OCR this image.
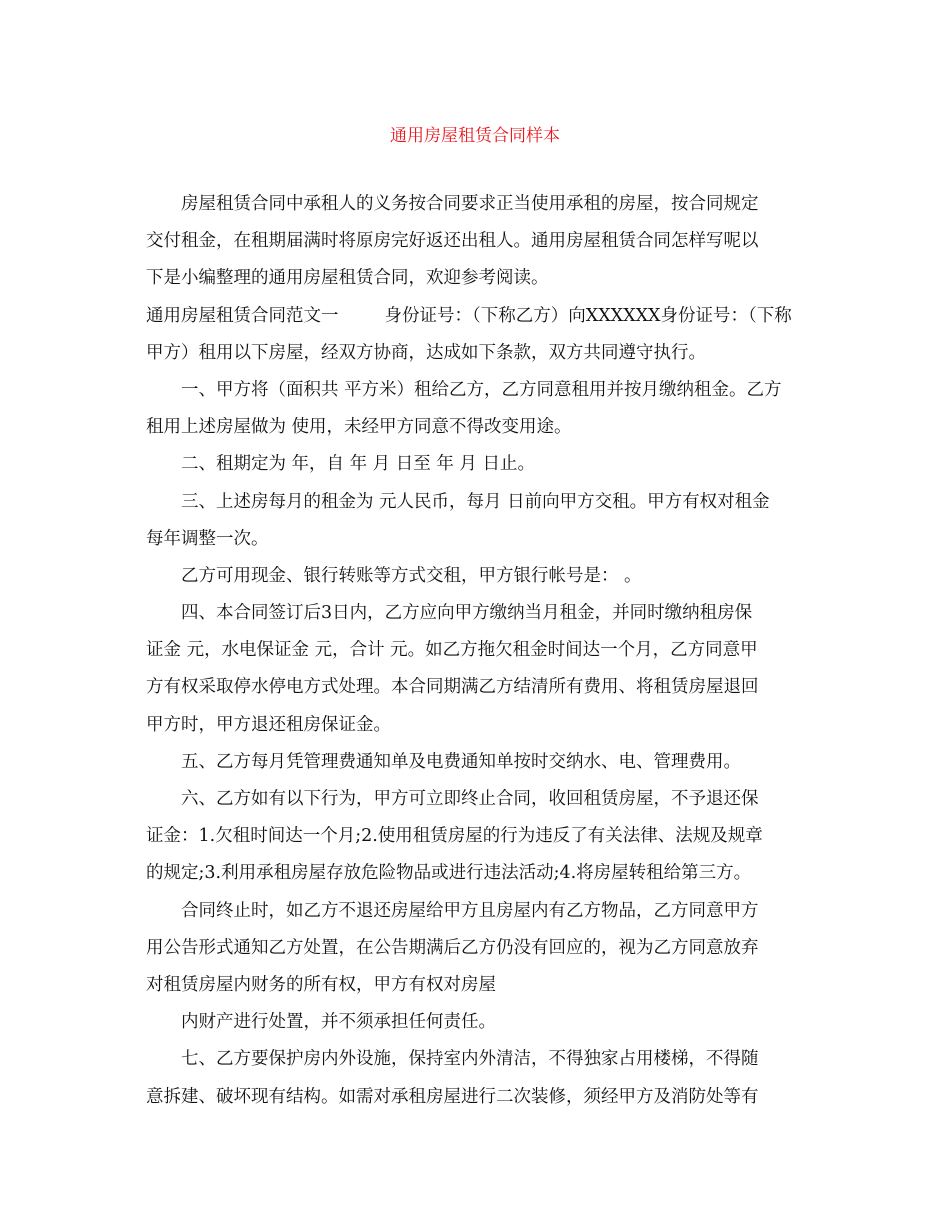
通用房屋租赁合同样本
房屋租赁合同中承租人的义务按合同要求正当使用承租的房屋，按合同规定
交付租金，在租期届满时将原房完好返还出租人。通用房屋租赁合同怎样写呢以
下是小编整理的通用房屋租赁合同，欢迎参考阅读。
通用房屋租赁合同范文一	身份证号：（下称乙方）向XXXXXX身份证号：（下称
甲方）租用以下房屋，经双方协商，达成如下条款，双方共同遵守执行。
一、甲方将（面积共 平方米）租给乙方，乙方同意租用并按月缴纳租金。乙方
租用上述房屋做为 使用，未经甲方同意不得改变用途。
二、租期定为 年，自 年 月 日至 年 月 日止。
三、上述房每月的租金为 元人民币，每月 日前向甲方交租。甲方有权对租金
每年调整一次。
乙方可用现金、银行转账等方式交租，甲方银行帐号是： 。
四、本合同签订后3日内，乙方应向甲方缴纳当月租金，并同时缴纳租房保
证金 元，水电保证金 元，合计 元。如乙方拖欠租金时间达一个月，乙方同意甲
方有权采取停水停电方式处理。本合同期满乙方结清所有费用、将租赁房屋退回
甲方时，甲方退还租房保证金。
五、乙方每月凭管理费通知单及电费通知单按时交纳水、电、管理费用。
六、乙方如有以下行为，甲方可立即终止合同，收回租赁房屋，不予退还保
证金：1.欠租时间达一个月;2.使用租赁房屋的行为违反了有关法律、法规及规章
的规定;3.利用承租房屋存放危险物品或进行违法活动;4.将房屋转租给第三方。
合同终止时，如乙方不退还房屋给甲方且房屋内有乙方物品，乙方同意甲方
用公告形式通知乙方处置，在公告期满后乙方仍没有回应的，视为乙方同意放弃
对租赁房屋内财务的所有权，甲方有权对房屋
内财产进行处置，并不须承担任何责任。
七、乙方要保护房内外设施，保持室内外清洁，不得独家占用楼梯，不得随
意拆建、破坏现有结构。如需对承租房屋进行二次装修，须经甲方及消防处等有
